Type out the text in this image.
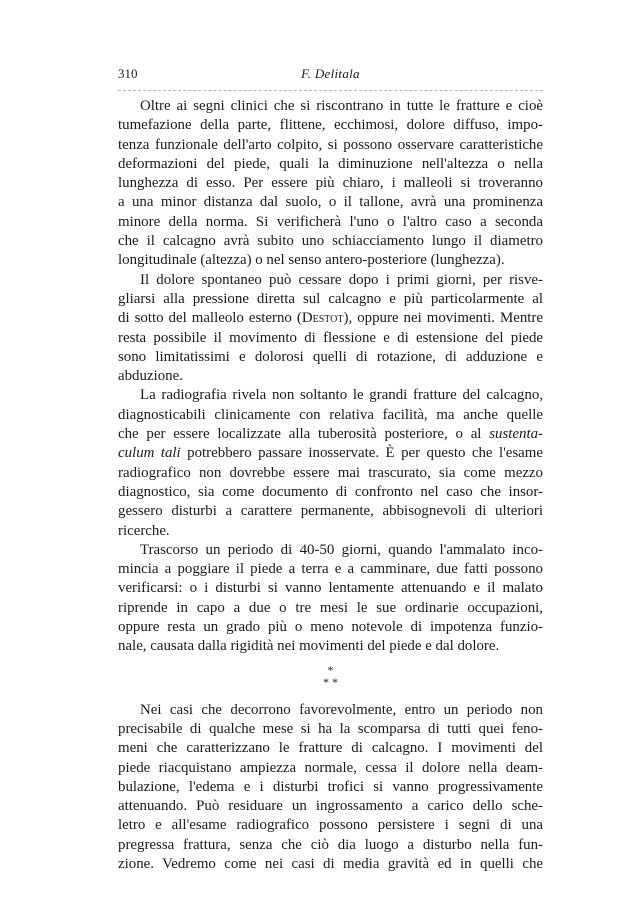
310	F. Delitala
Oltre ai segni clinici che si riscontrano in tutte le fratture e cioè
tumefazione della parte, flittene, ecchimosi, dolore diffuso, impo-
tenza funzionale dell'arto colpito, si possono osservare caratteristiche
deformazioni del piede, quali la diminuzione nell'altezza o nella
lunghezza di esso. Per essere più chiaro, i malleoli si troveranno
a una minor distanza dal suolo, o il tallone, avrà una prominenza
minore della norma. Si verificherà l'uno o l'altro caso a seconda
che il calcagno avrà subito uno schiacciamento lungo il diametro
longitudinale (altezza) o nel senso antero-posteriore (lunghezza).
Il dolore spontaneo può cessare dopo i primi giorni, per risve-
gliarsi alla pressione diretta sul calcagno e più particolarmente al
di sotto del malleolo esterno (Destot), oppure nei movimenti. Mentre
resta possibile il movimento di flessione e di estensione del piede
sono limitatissimi e dolorosi quelli di rotazione, di adduzione e
abduzione.
La radiografia rivela non soltanto le grandi fratture del calcagno,
diagnosticabili clinicamente con relativa facilità, ma anche quelle
che per essere localizzate alla tuberosità posteriore, o al sustenta-
culum tali potrebbero passare inosservate. È per questo che l'esame
radiografico non dovrebbe essere mai trascurato, sia come mezzo
diagnostico, sia come documento di confronto nel caso che insor-
gessero disturbi a carattere permanente, abbisognevoli di ulteriori
ricerche.
Trascorso un periodo di 40-50 giorni, quando l'ammalato inco-
mincia a poggiare il piede a terra e a camminare, due fatti possono
verificarsi: o i disturbi si vanno lentamente attenuando e il malato
riprende in capo a due o tre mesi le sue ordinarie occupazioni,
oppure resta un grado più o meno notevole di impotenza funzio-
nale, causata dalla rigidità nei movimenti del piede e dal dolore.
*
* *
Nei casi che decorrono favorevolmente, entro un periodo non
precisabile di qualche mese si ha la scomparsa di tutti quei feno-
meni che caratterizzano le fratture di calcagno. I movimenti del
piede riacquistano ampiezza normale, cessa il dolore nella deam-
bulazione, l'edema e i disturbi trofici si vanno progressivamente
attenuando. Può residuare un ingrossamento a carico dello sche-
letro e all'esame radiografico possono persistere i segni di una
pregressa frattura, senza che ciò dia luogo a disturbo nella fun-
zione. Vedremo come nei casi di media gravità ed in quelli che
